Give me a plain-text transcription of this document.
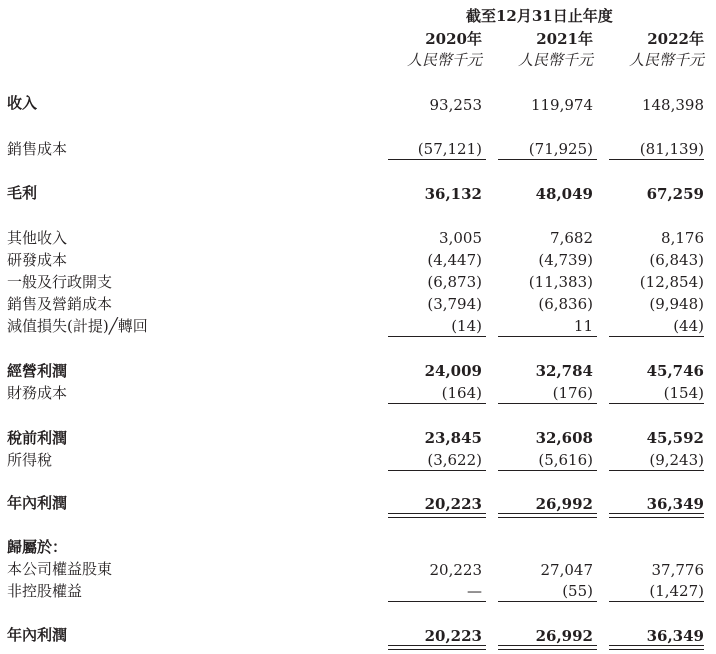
截至12月31日止年度
2020年	2021年	2022年
人民幣千元	人民幣千元	人民幣千元
收入	93,253	119,974	148,398
銷售成本	(57,121)	(71,925)	(81,139)
毛利	36,132	48,049	67,259
其他收入	3,005	7,682	8,176
研發成本	(4,447)	(4,739)	(6,843)
一般及行政開支	(6,873)	(11,383)	(12,854)
銷售及營銷成本	(3,794)	(6,836)	(9,948)
減值損失(計提)╱轉回	(14)	11	(44)
經營利潤	24,009	32,784	45,746
財務成本	(164)	(176)	(154)
稅前利潤	23,845	32,608	45,592
所得稅	(3,622)	(5,616)	(9,243)
年內利潤	20,223	26,992	36,349
歸屬於：
本公司權益股東	20,223	27,047	37,776
非控股權益	—	(55)	(1,427)
年內利潤	20,223	26,992	36,349
